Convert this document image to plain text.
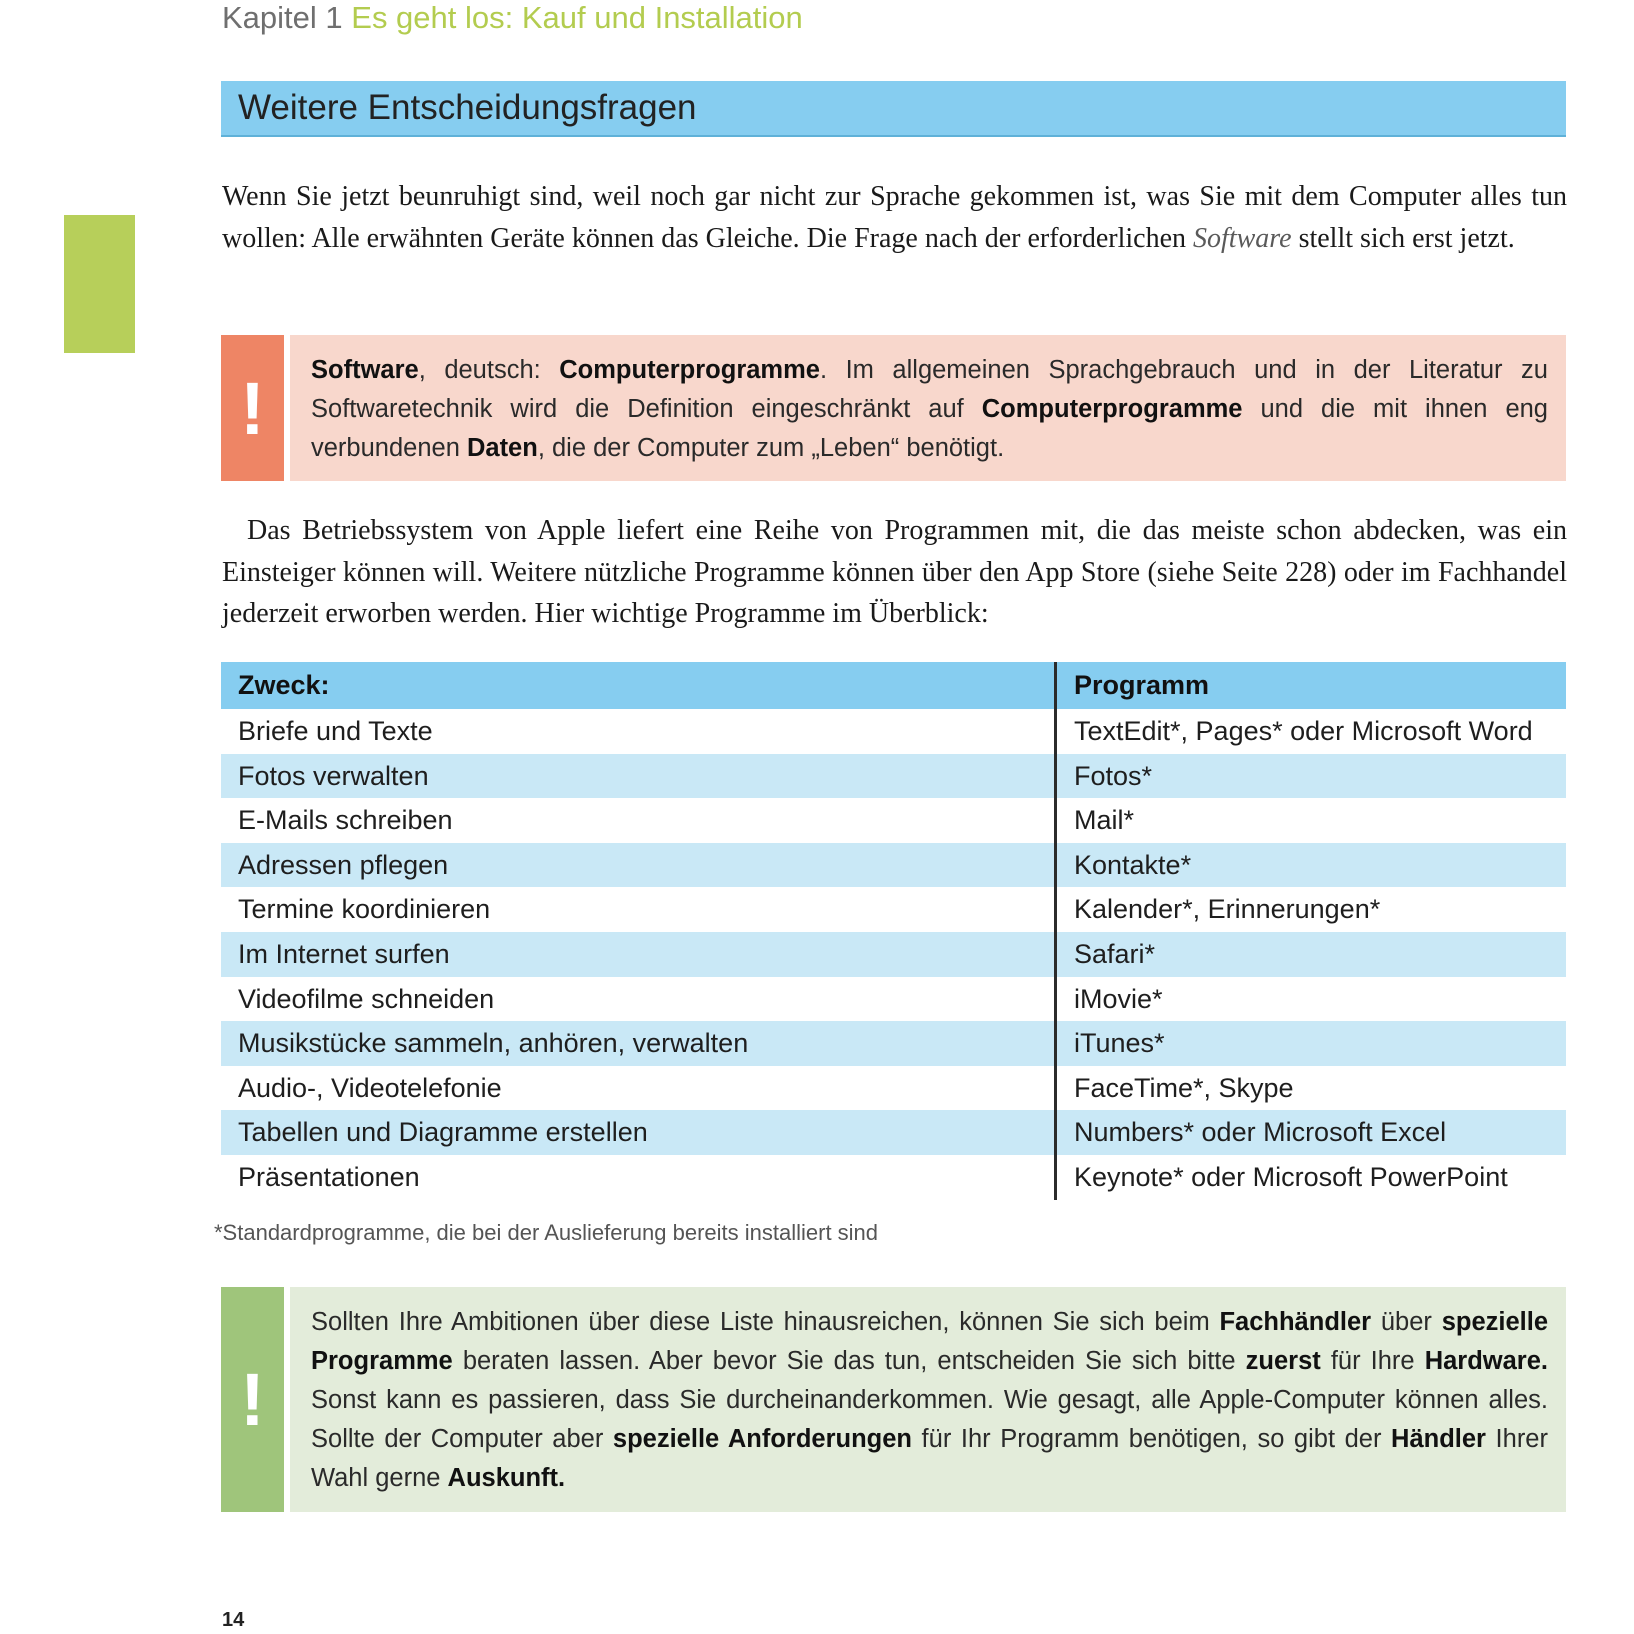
Kapitel 1 Es geht los: Kauf und Installation
Weitere Entscheidungsfragen
Wenn Sie jetzt beunruhigt sind, weil noch gar nicht zur Sprache gekommen ist, was Sie mit dem Computer alles tun wollen: Alle erwähnten Geräte können das Gleiche. Die Frage nach der erforderlichen Software stellt sich erst jetzt.
!	Software, deutsch: Computerprogramme. Im allgemeinen Sprachgebrauch und in der Literatur zu Softwaretechnik wird die Definition eingeschränkt auf Computerprogramme und die mit ihnen eng verbundenen Daten, die der Computer zum „Leben“ benötigt.
Das Betriebssystem von Apple liefert eine Reihe von Programmen mit, die das meiste schon abdecken, was ein Einsteiger können will. Weitere nützliche Programme können über den App Store (siehe Seite 228) oder im Fachhandel jederzeit erworben werden. Hier wichtige Programme im Überblick:
Zweck:	Programm
Briefe und Texte	TextEdit*, Pages* oder Microsoft Word
Fotos verwalten	Fotos*
E-Mails schreiben	Mail*
Adressen pflegen	Kontakte*
Termine koordinieren	Kalender*, Erinnerungen*
Im Internet surfen	Safari*
Videofilme schneiden	iMovie*
Musikstücke sammeln, anhören, verwalten	iTunes*
Audio-, Videotelefonie	FaceTime*, Skype
Tabellen und Diagramme erstellen	Numbers* oder Microsoft Excel
Präsentationen	Keynote* oder Microsoft PowerPoint
*Standardprogramme, die bei der Auslieferung bereits installiert sind
!
Sollten Ihre Ambitionen über diese Liste hinausreichen, können Sie sich beim Fachhändler über spezielle Programme beraten lassen. Aber bevor Sie das tun, entscheiden Sie sich bitte zuerst für Ihre Hardware. Sonst kann es passieren, dass Sie durcheinanderkommen. Wie gesagt, alle Apple-Computer können alles. Sollte der Computer aber spezielle Anforderungen für Ihr Programm benötigen, so gibt der Händler Ihrer Wahl gerne Auskunft.
14
